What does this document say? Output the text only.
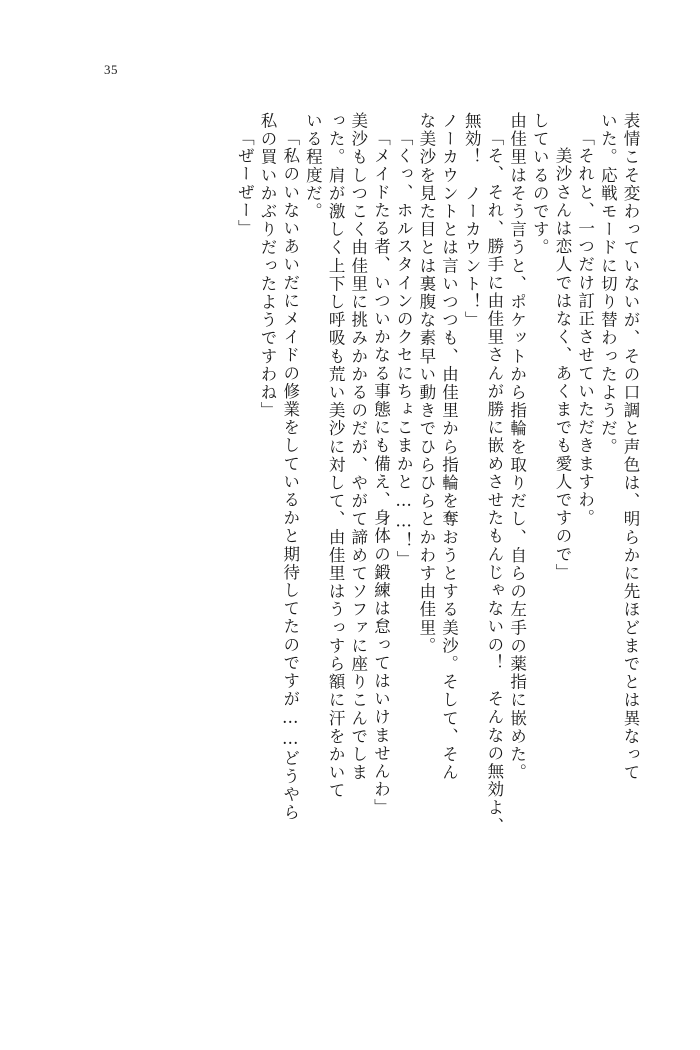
35
表情こそ変わっていないが、その口調と声色は、明らかに先ほどまでとは異なって
いた。応戦モードに切り替わったようだ。
「それと、一つだけ訂正させていただきますわ。
　美沙さんは恋人ではなく、あくまでも愛人ですので」
しているのです。
由佳里はそう言うと、ポケットから指輪を取りだし、自らの左手の薬指に嵌めた。
「そ、それ、勝手に由佳里さんが勝に嵌めさせたもんじゃないの！　そんなの無効よ、
無効！　ノーカウント！」
ノーカウントとは言いつつも、由佳里から指輪を奪おうとする美沙。そして、そん
な美沙を見た目とは裏腹な素早い動きでひらひらとかわす由佳里。
「くっ、ホルスタインのクセにちょこまかと……！」
「メイドたる者、いついかなる事態にも備え、身体の鍛練は怠ってはいけませんわ」
美沙もしつこく由佳里に挑みかかるのだが、やがて諦めてソファに座りこんでしま
った。肩が激しく上下し呼吸も荒い美沙に対して、由佳里はうっすら額に汗をかいて
いる程度だ。
「私のいないあいだにメイドの修業をしているかと期待してたのですが……どうやら
私の買いかぶりだったようですわね」
「ぜーぜー」
